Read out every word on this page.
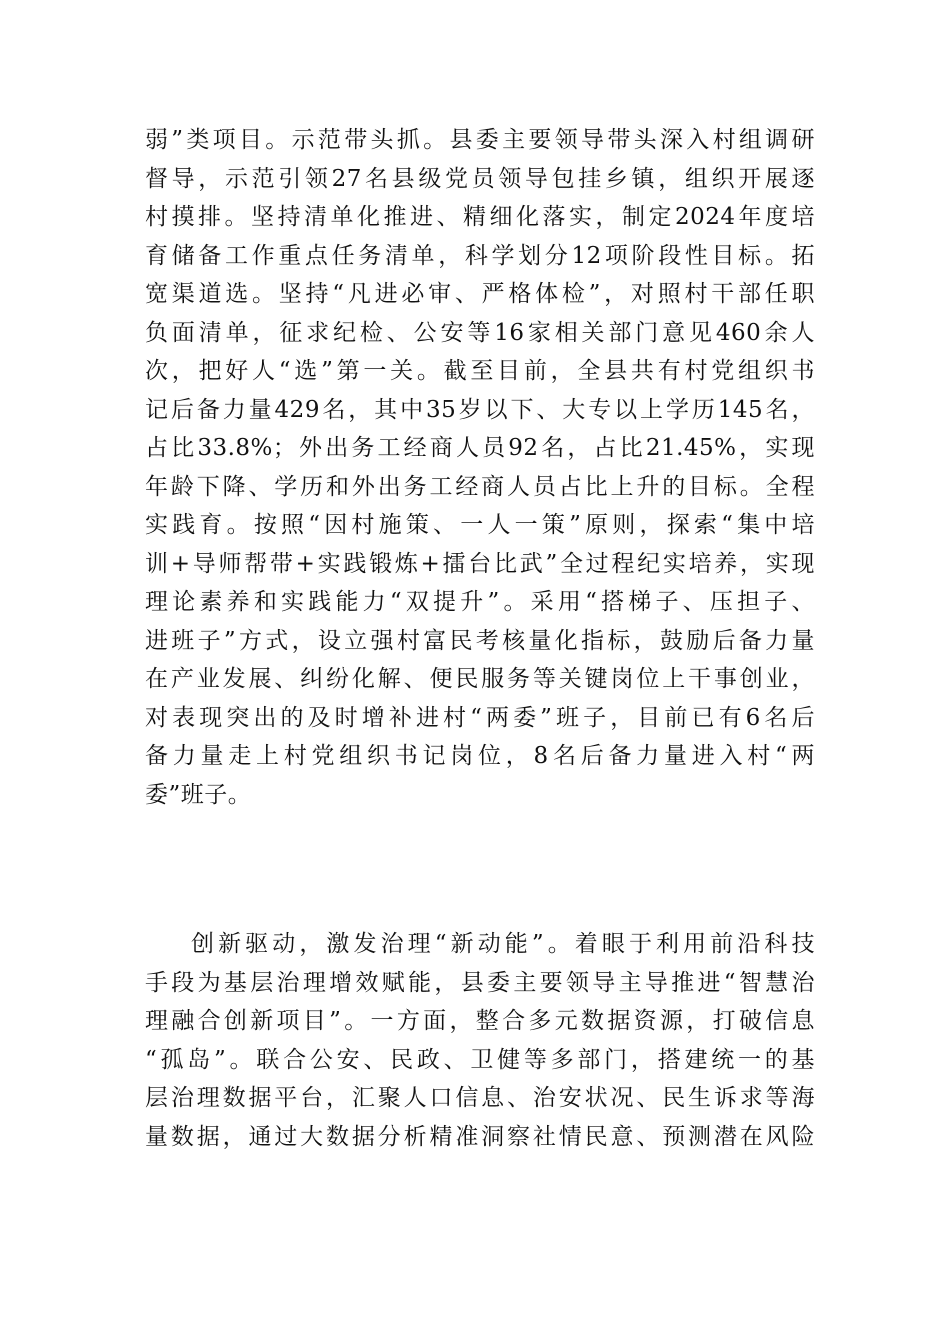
弱”类项目。示范带头抓。县委主要领导带头深入村组调研
督导，示范引领27名县级党员领导包挂乡镇，组织开展逐
村摸排。坚持清单化推进、精细化落实，制定2024年度培
育储备工作重点任务清单，科学划分12项阶段性目标。拓
宽渠道选。坚持“凡进必审、严格体检”，对照村干部任职
负面清单，征求纪检、公安等16家相关部门意见460余人
次，把好人“选”第一关。截至目前，全县共有村党组织书
记后备力量429名，其中35岁以下、大专以上学历145名，
占比33.8%；外出务工经商人员92名，占比21.45%，实现
年龄下降、学历和外出务工经商人员占比上升的目标。全程
实践育。按照“因村施策、一人一策”原则，探索“集中培
训+导师帮带+实践锻炼+擂台比武”全过程纪实培养，实现
理论素养和实践能力“双提升”。采用“搭梯子、压担子、
进班子”方式，设立强村富民考核量化指标，鼓励后备力量
在产业发展、纠纷化解、便民服务等关键岗位上干事创业，
对表现突出的及时增补进村“两委”班子，目前已有6名后
备力量走上村党组织书记岗位，8名后备力量进入村“两
委”班子。
创新驱动，激发治理“新动能”。着眼于利用前沿科技
手段为基层治理增效赋能，县委主要领导主导推进“智慧治
理融合创新项目”。一方面，整合多元数据资源，打破信息
“孤岛”。联合公安、民政、卫健等多部门，搭建统一的基
层治理数据平台，汇聚人口信息、治安状况、民生诉求等海
量数据，通过大数据分析精准洞察社情民意、预测潜在风险
